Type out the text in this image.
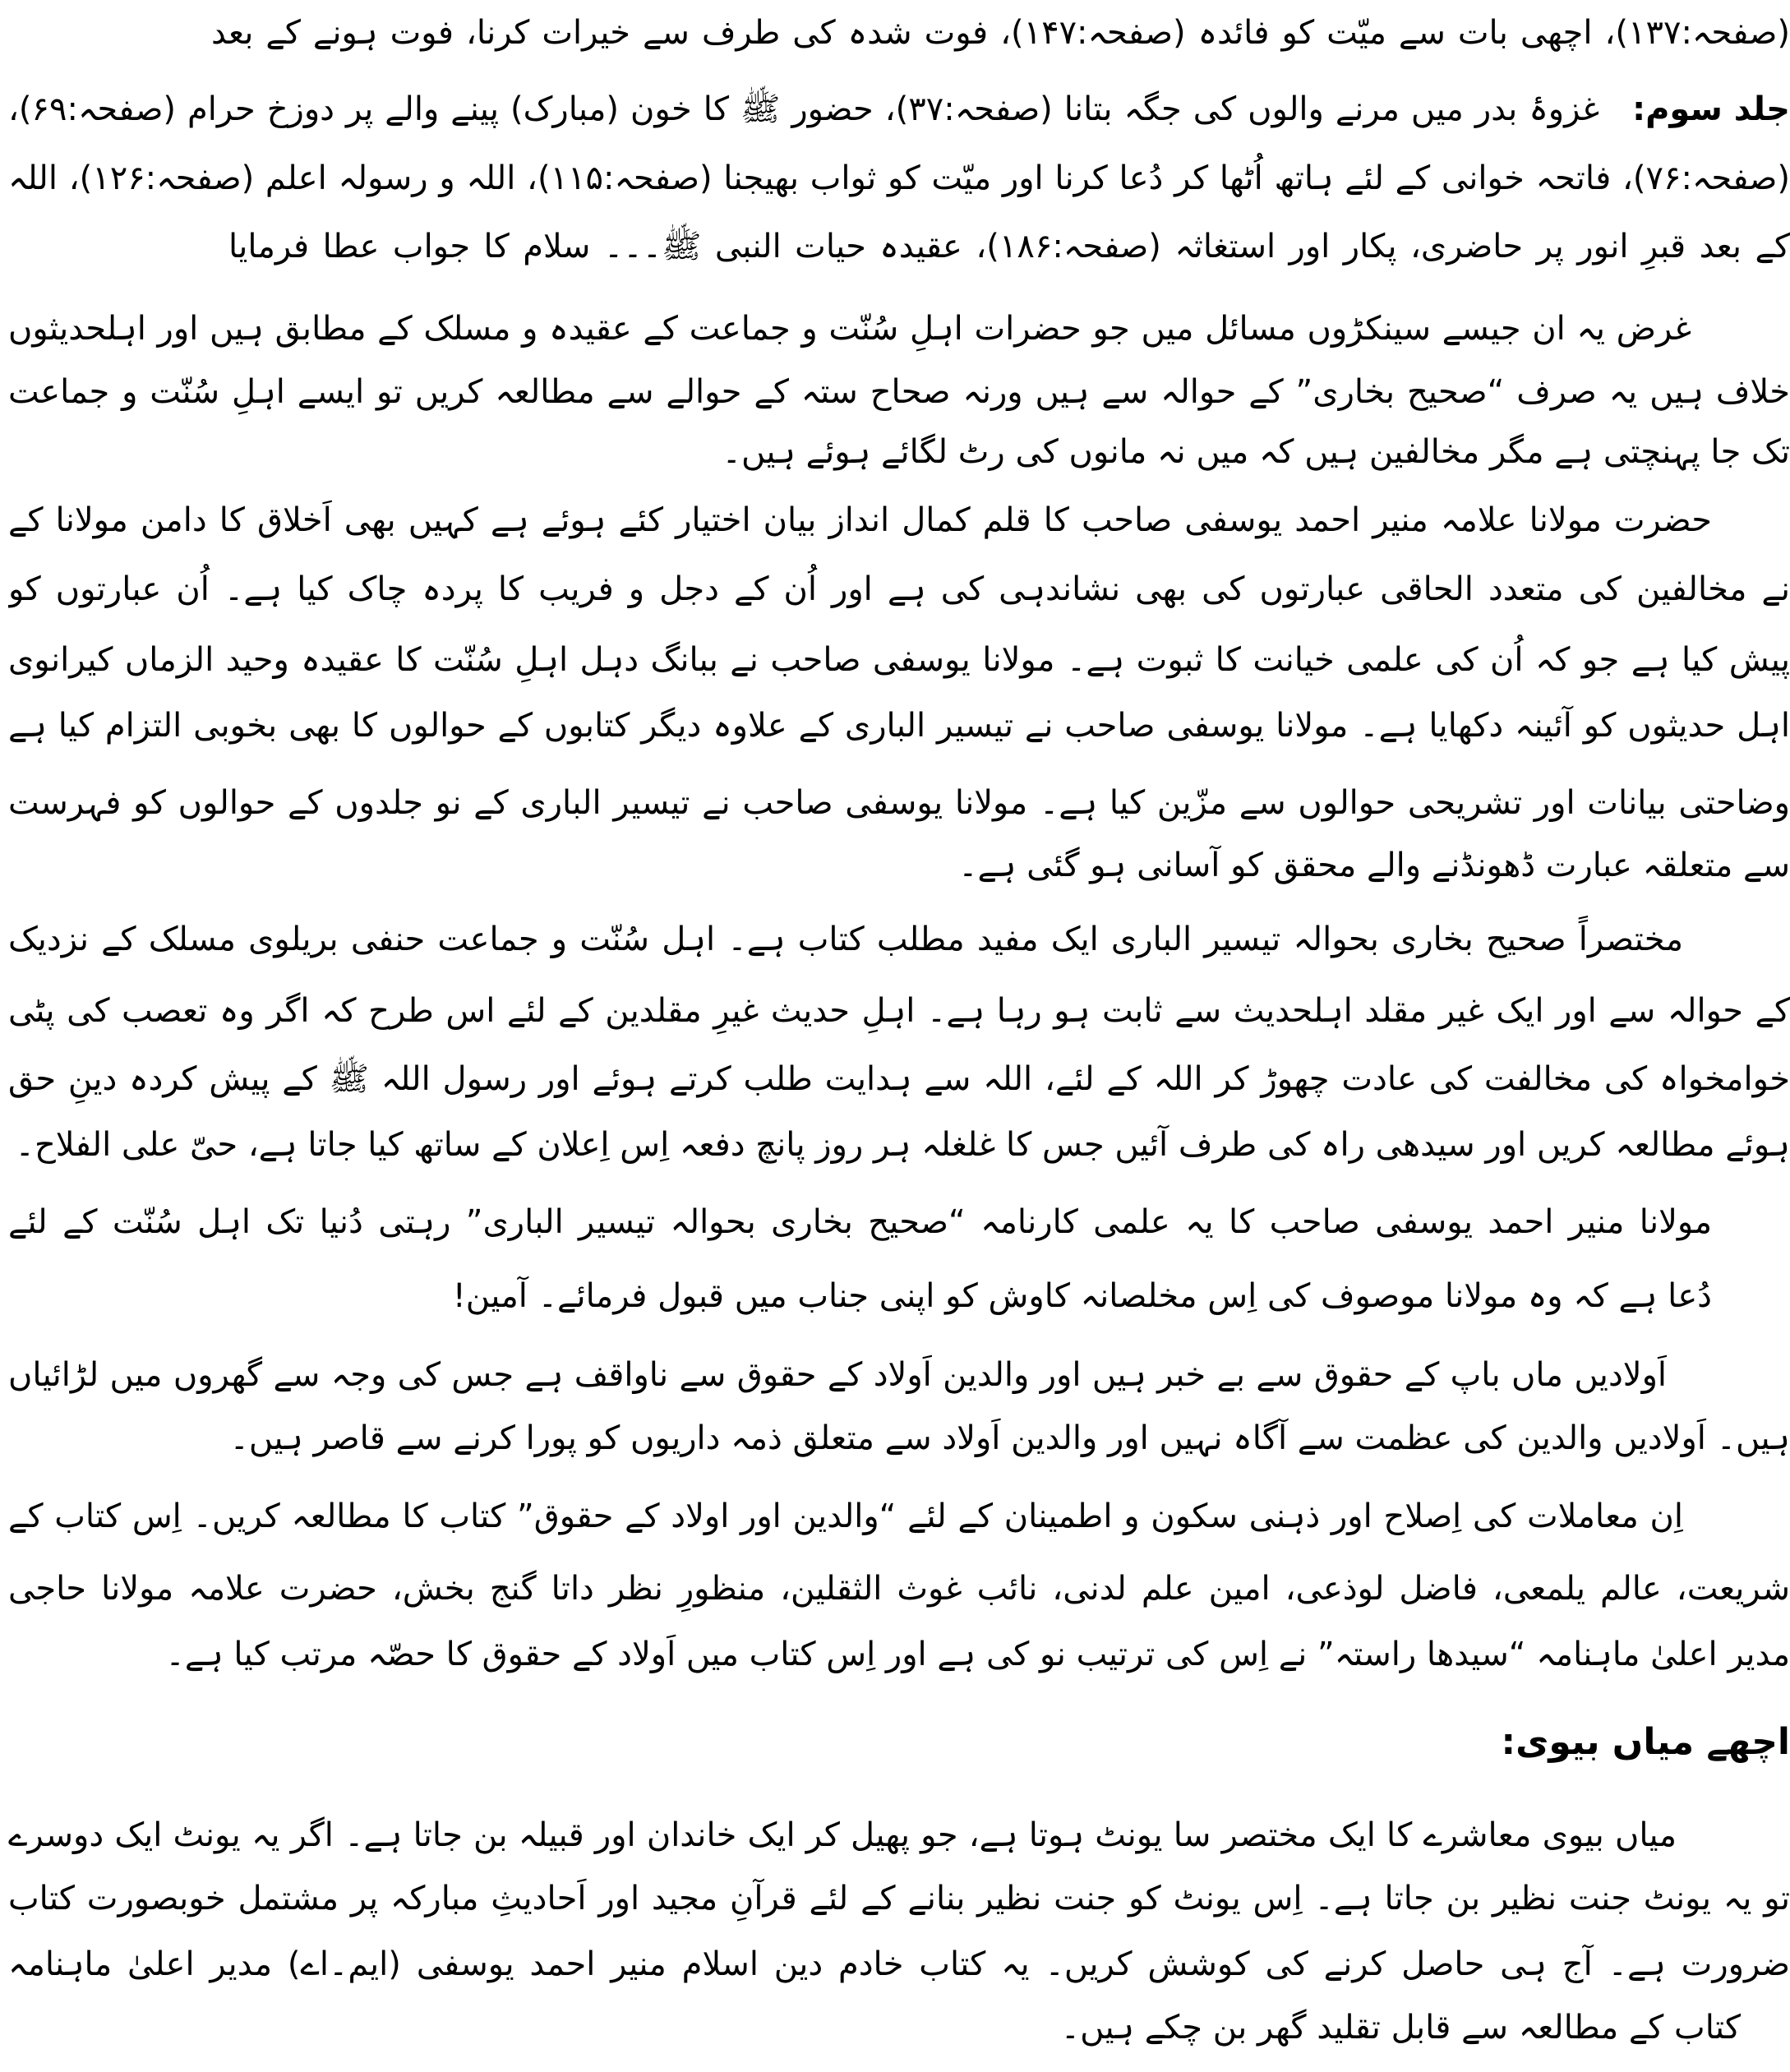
(صفحہ:۱۳۷)، اچھی بات سے میّت کو فائدہ (صفحہ:۱۴۷)، فوت شدہ کی طرف سے خیرات کرنا، فوت ہونے کے بعد
جلد سوم:
غزوۂ بدر میں مرنے والوں کی جگہ بتانا (صفحہ:۳۷)، حضور ﷺ کا خون (مبارک) پینے والے پر دوزخ حرام (صفحہ:۶۹)،
(صفحہ:۷۶)، فاتحہ خوانی کے لئے ہاتھ اُٹھا کر دُعا کرنا اور میّت کو ثواب بھیجنا (صفحہ:۱۱۵)، اللہ و رسولہ اعلم (صفحہ:۱۲۶)، اللہ
کے بعد قبرِ انور پر حاضری، پکار اور استغاثہ (صفحہ:۱۸۶)، عقیدہ حیات النبی ﷺ۔۔۔ سلام کا جواب عطا فرمایا
غرض یہ ان جیسے سینکڑوں مسائل میں جو حضرات اہلِ سُنّت و جماعت کے عقیدہ و مسلک کے مطابق ہیں اور اہلحدیثوں
خلاف ہیں یہ صرف “صحیح بخاری” کے حوالہ سے ہیں ورنہ صحاح ستہ کے حوالے سے مطالعہ کریں تو ایسے اہلِ سُنّت و جماعت
تک جا پہنچتی ہے مگر مخالفین ہیں کہ میں نہ مانوں کی رٹ لگائے ہوئے ہیں۔
حضرت مولانا علامہ منیر احمد یوسفی صاحب کا قلم کمال انداز بیان اختیار کئے ہوئے ہے کہیں بھی اَخلاق کا دامن مولانا کے
نے مخالفین کی متعدد الحاقی عبارتوں کی بھی نشاندہی کی ہے اور اُن کے دجل و فریب کا پردہ چاک کیا ہے۔ اُن عبارتوں کو
پیش کیا ہے جو کہ اُن کی علمی خیانت کا ثبوت ہے۔ مولانا یوسفی صاحب نے ببانگ دہل اہلِ سُنّت کا عقیدہ وحید الزماں کیرانوی
اہل حدیثوں کو آئینہ دکھایا ہے۔ مولانا یوسفی صاحب نے تیسیر الباری کے علاوہ دیگر کتابوں کے حوالوں کا بھی بخوبی التزام کیا ہے
وضاحتی بیانات اور تشریحی حوالوں سے مزّین کیا ہے۔ مولانا یوسفی صاحب نے تیسیر الباری کے نو جلدوں کے حوالوں کو فہرست
سے متعلقہ عبارت ڈھونڈنے والے محقق کو آسانی ہو گئی ہے۔
مختصراً صحیح بخاری بحوالہ تیسیر الباری ایک مفید مطلب کتاب ہے۔ اہل سُنّت و جماعت حنفی بریلوی مسلک کے نزدیک
کے حوالہ سے اور ایک غیر مقلد اہلحدیث سے ثابت ہو رہا ہے۔ اہلِ حدیث غیرِ مقلدین کے لئے اس طرح کہ اگر وہ تعصب کی پٹی
خوامخواہ کی مخالفت کی عادت چھوڑ کر اللہ کے لئے، اللہ سے ہدایت طلب کرتے ہوئے اور رسول اللہ ﷺ کے پیش کردہ دینِ حق
ہوئے مطالعہ کریں اور سیدھی راہ کی طرف آئیں جس کا غلغلہ ہر روز پانچ دفعہ اِس اِعلان کے ساتھ کیا جاتا ہے، حیّ علی الفلاح۔
مولانا منیر احمد یوسفی صاحب کا یہ علمی کارنامہ “صحیح بخاری بحوالہ تیسیر الباری” رہتی دُنیا تک اہل سُنّت کے لئے
دُعا ہے کہ وہ مولانا موصوف کی اِس مخلصانہ کاوش کو اپنی جناب میں قبول فرمائے۔ آمین!
اَولادیں ماں باپ کے حقوق سے بے خبر ہیں اور والدین اَولاد کے حقوق سے ناواقف ہے جس کی وجہ سے گھروں میں لڑائیاں
ہیں۔ اَولادیں والدین کی عظمت سے آگاہ نہیں اور والدین اَولاد سے متعلق ذمہ داریوں کو پورا کرنے سے قاصر ہیں۔
اِن معاملات کی اِصلاح اور ذہنی سکون و اطمینان کے لئے “والدین اور اولاد کے حقوق” کتاب کا مطالعہ کریں۔ اِس کتاب کے
شریعت، عالم یلمعی، فاضل لوذعی، امین علم لدنی، نائب غوث الثقلین، منظورِ نظر داتا گنج بخش، حضرت علامہ مولانا حاجی
مدیر اعلیٰ ماہنامہ “سیدھا راستہ” نے اِس کی ترتیب نو کی ہے اور اِس کتاب میں اَولاد کے حقوق کا حصّہ مرتب کیا ہے۔
اچھے میاں بیوی:
میاں بیوی معاشرے کا ایک مختصر سا یونٹ ہوتا ہے، جو پھیل کر ایک خاندان اور قبیلہ بن جاتا ہے۔ اگر یہ یونٹ ایک دوسرے
تو یہ یونٹ جنت نظیر بن جاتا ہے۔ اِس یونٹ کو جنت نظیر بنانے کے لئے قرآنِ مجید اور اَحادیثِ مبارکہ پر مشتمل خوبصورت کتاب
ضرورت ہے۔ آج ہی حاصل کرنے کی کوشش کریں۔ یہ کتاب خادم دین اسلام منیر احمد یوسفی (ایم۔اے) مدیر اعلیٰ ماہنامہ
کتاب کے مطالعہ سے قابل تقلید گھر بن چکے ہیں۔
